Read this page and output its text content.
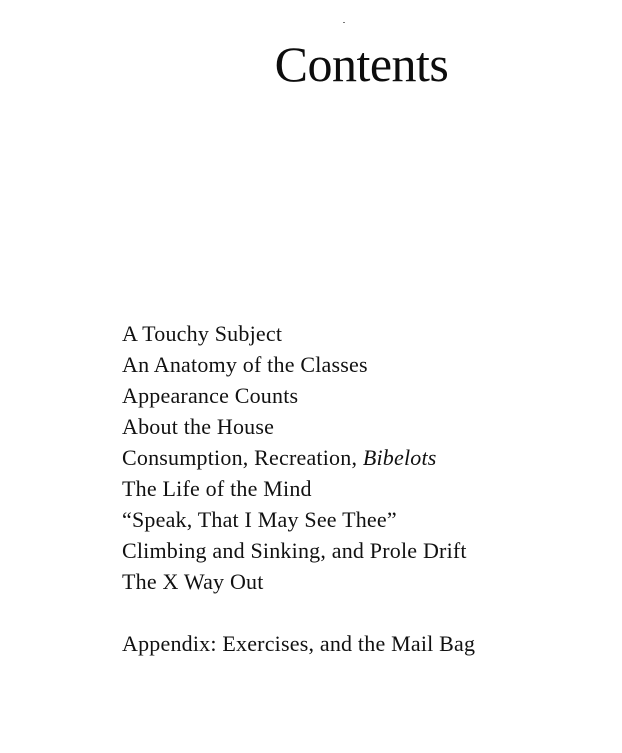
Contents
A Touchy Subject
An Anatomy of the Classes
Appearance Counts
About the House
Consumption, Recreation, Bibelots
The Life of the Mind
“Speak, That I May See Thee”
Climbing and Sinking, and Prole Drift
The X Way Out
Appendix: Exercises, and the Mail Bag
